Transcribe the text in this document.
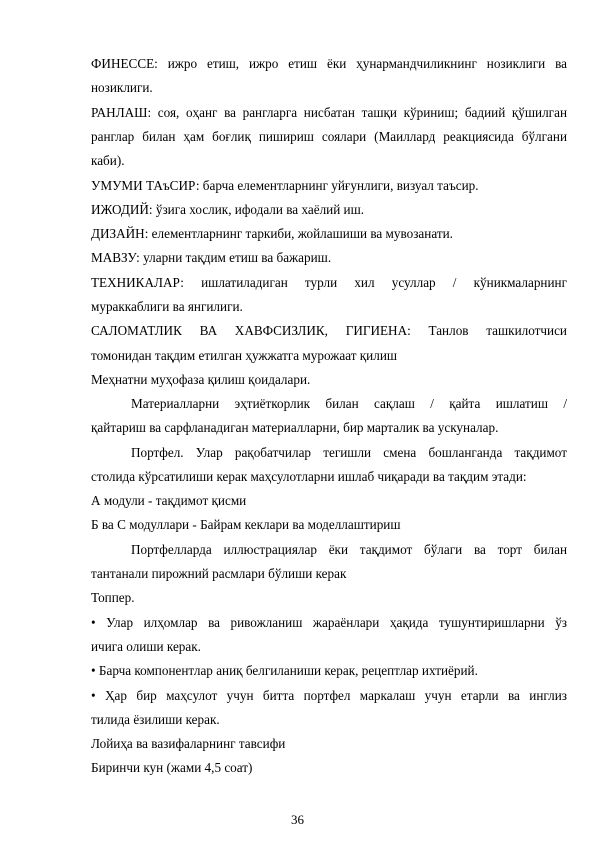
ФИНЕССЕ: ижро етиш, ижро етиш ёки ҳунармандчиликнинг нозиклиги ва
нозиклиги.
РАНЛАШ: соя, оҳанг ва рангларга нисбатан ташқи кўриниш; бадиий қўшилган
ранглар билан ҳам боғлиқ пишириш соялари (Маиллард реакциясида бўлгани
каби).
УМУМИ ТАъСИР: барча елементларнинг уйғунлиги, визуал таъсир.
ИЖОДИЙ: ўзига хослик, ифодали ва хаёлий иш.
ДИЗАЙН: елементларнинг таркиби, жойлашиши ва мувозанати.
МАВЗУ: уларни тақдим етиш ва бажариш.
ТЕХНИКАЛАР: ишлатиладиган турли хил усуллар / кўникмаларнинг
мураккаблиги ва янгилиги.
САЛОМАТЛИК ВА ХАВФСИЗЛИК, ГИГИЕНА: Танлов ташкилотчиси
томонидан тақдим етилган ҳужжатга мурожаат қилиш
Меҳнатни муҳофаза қилиш қоидалари.
Материалларни эҳтиёткорлик билан сақлаш / қайта ишлатиш /
қайтариш ва сарфланадиган материалларни, бир марталик ва ускуналар.
Портфел. Улар рақобатчилар тегишли смена бошланганда тақдимот
столида кўрсатилиши керак маҳсулотларни ишлаб чиқаради ва тақдим этади:
А модули - тақдимот қисми
Б ва С модуллари - Байрам кеклари ва моделлаштириш
Портфелларда иллюстрациялар ёки тақдимот бўлаги ва торт билан
тантанали пирожний расмлари бўлиши керак
Топпер.
• Улар илҳомлар ва ривожланиш жараёнлари ҳақида тушунтиришларни ўз
ичига олиши керак.
• Барча компонентлар аниқ белгиланиши керак, рецептлар ихтиёрий.
• Ҳар бир маҳсулот учун битта портфел маркалаш учун етарли ва инглиз
тилида ёзилиши керак.
Лойиҳа ва вазифаларнинг тавсифи
Биринчи кун (жами 4,5 соат)
36
